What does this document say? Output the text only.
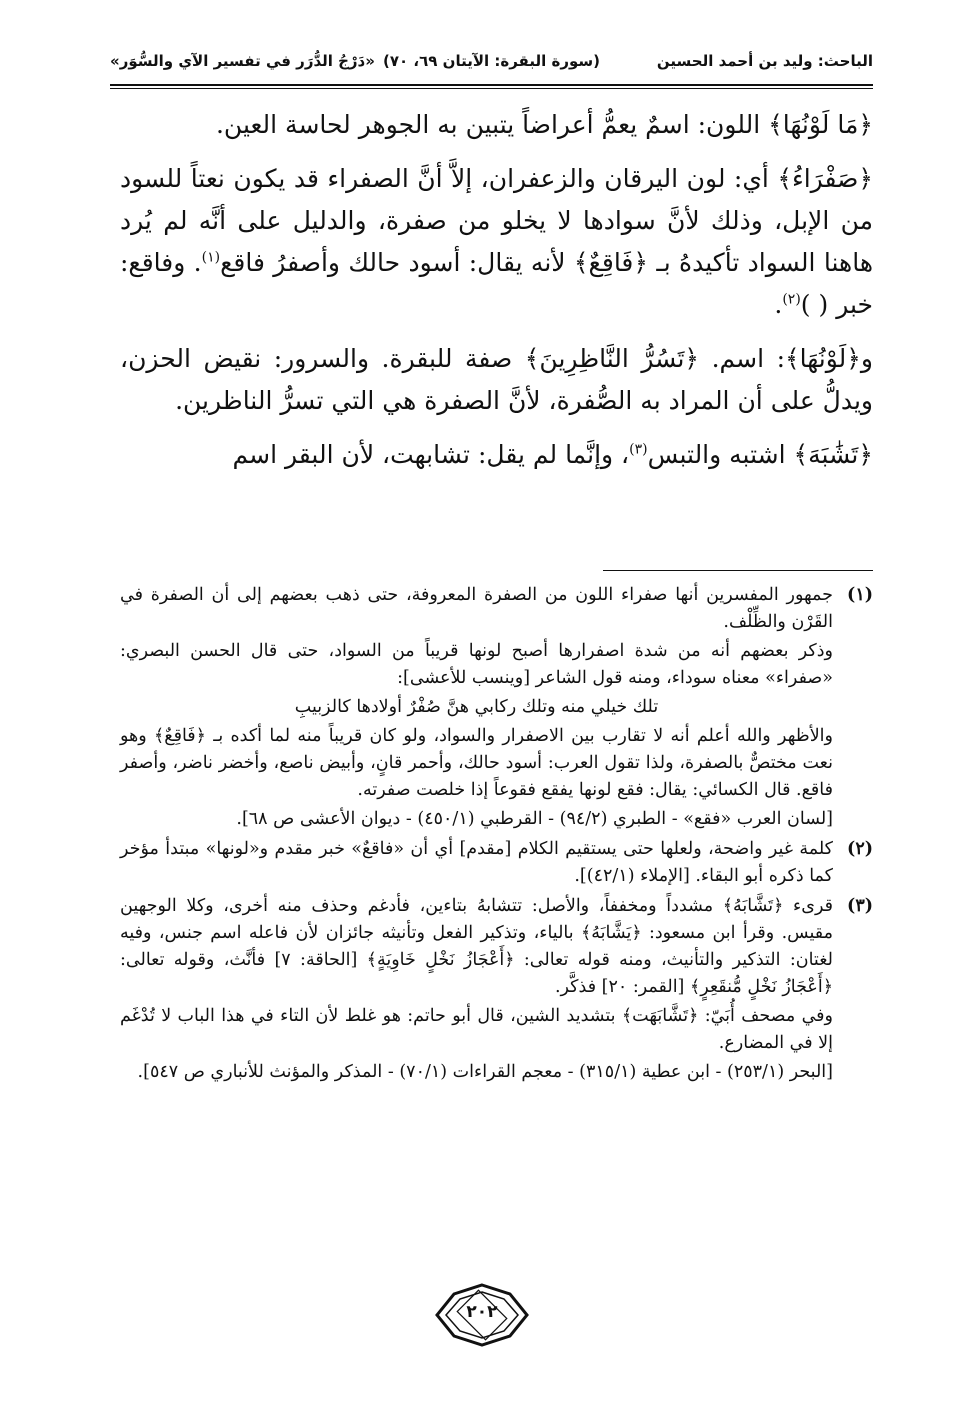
الباحث: وليد بن أحمد الحسين
(سورة البقرة: الآيتان ٦٩، ٧٠)
«دَرْجُ الدُّرَر في تفسير الآي والسُّوَر»

﴿مَا لَوْنُهَا﴾ اللون: اسمٌ يعمُّ أعراضاً يتبين به الجوهر لحاسة العين.

﴿صَفْرَاءُ﴾ أي: لون اليرقان والزعفران، إلاَّ أنَّ الصفراء قد يكون نعتاً للسود من الإبل، وذلك لأنَّ سوادها لا يخلو من صفرة، والدليل على أنَّه لم يُرد هاهنا السواد تأكيدهُ بـ ﴿فَاقِعٌ﴾ لأنه يقال: أسود حالك وأصفرُ فاقع$^{(١)}$. وفاقع: خبر ( )$^{(٢)}$.

و﴿لَوْنُهَا﴾: اسم. ﴿تَسُرُّ النَّاظِرِينَ﴾ صفة للبقرة. والسرور: نقيض الحزن، ويدلُّ على أن المراد به الصُّفرة، لأنَّ الصفرة هي التي تسرُّ الناظرين.

﴿تَشَٰبَهَ﴾ اشتبه والتبس$^{(٣)}$، وإنَّما لم يقل: تشابهت، لأن البقر اسم

(١)

جمهور المفسرين أنها صفراء اللون من الصفرة المعروفة، حتى ذهب بعضهم إلى أن الصفرة في القَرْن والظِّلْف.

وذكر بعضهم أنه من شدة اصفرارها أصبح لونها قريباً من السواد، حتى قال الحسن البصري: «صفراء» معناه سوداء، ومنه قول الشاعر [وينسب للأعشى]:

تلك خيلي منه وتلك ركابي هنَّ صُفْرٌ أولادها كالزبيبِ

والأظهر والله أعلم أنه لا تقارب بين الاصفرار والسواد، ولو كان قريباً منه لما أكده بـ ﴿فَاقِعٌ﴾ وهو نعت مختصٌّ بالصفرة، ولذا تقول العرب: أسود حالك، وأحمر قانٍ، وأبيض ناصع، وأخضر ناضر، وأصفر فاقع. قال الكسائي: يقال: فقع لونها يفقع فقوعاً إذا خلصت صفرته.

[لسان العرب «فقع» - الطبري (٩٤/٢) - القرطبي (٤٥٠/١) - ديوان الأعشى ص ٦٨].

(٢)

كلمة غير واضحة، ولعلها حتى يستقيم الكلام [مقدم] أي أن «فاقعٌ» خبر مقدم و«لونها» مبتدأ مؤخر كما ذكره أبو البقاء. [الإملاء (٤٢/١)].

(٣)

قرىء ﴿تَشَّابَهُ﴾ مشدداً ومخففاً، والأصل: تتشابهُ بتاءين، فأدغم وحذف منه أخرى، وكلا الوجهين مقيس. وقرأ ابن مسعود: ﴿يَشَّابَهُ﴾ بالياء، وتذكير الفعل وتأنيثه جائزان لأن فاعله اسم جنس، وفيه لغتان: التذكير والتأنيث، ومنه قوله تعالى: ﴿أَعْجَازُ نَخْلٍ خَاوِيَةٍ﴾ [الحاقة: ٧] فأنَّث، وقوله تعالى: ﴿أَعْجَازُ نَخْلٍ مُّنقَعِرٍ﴾ [القمر: ٢٠] فذكَّر.

وفي مصحف أُبَيّ: ﴿تَشَّابَهَت﴾ بتشديد الشين، قال أبو حاتم: هو غلط لأن التاء في هذا الباب لا تُدْغَم إلا في المضارع.

[البحر (٢٥٣/١) - ابن عطية (٣١٥/١) - معجم القراءات (٧٠/١) - المذكر والمؤنث للأنباري ص ٥٤٧].

٢٠٢
